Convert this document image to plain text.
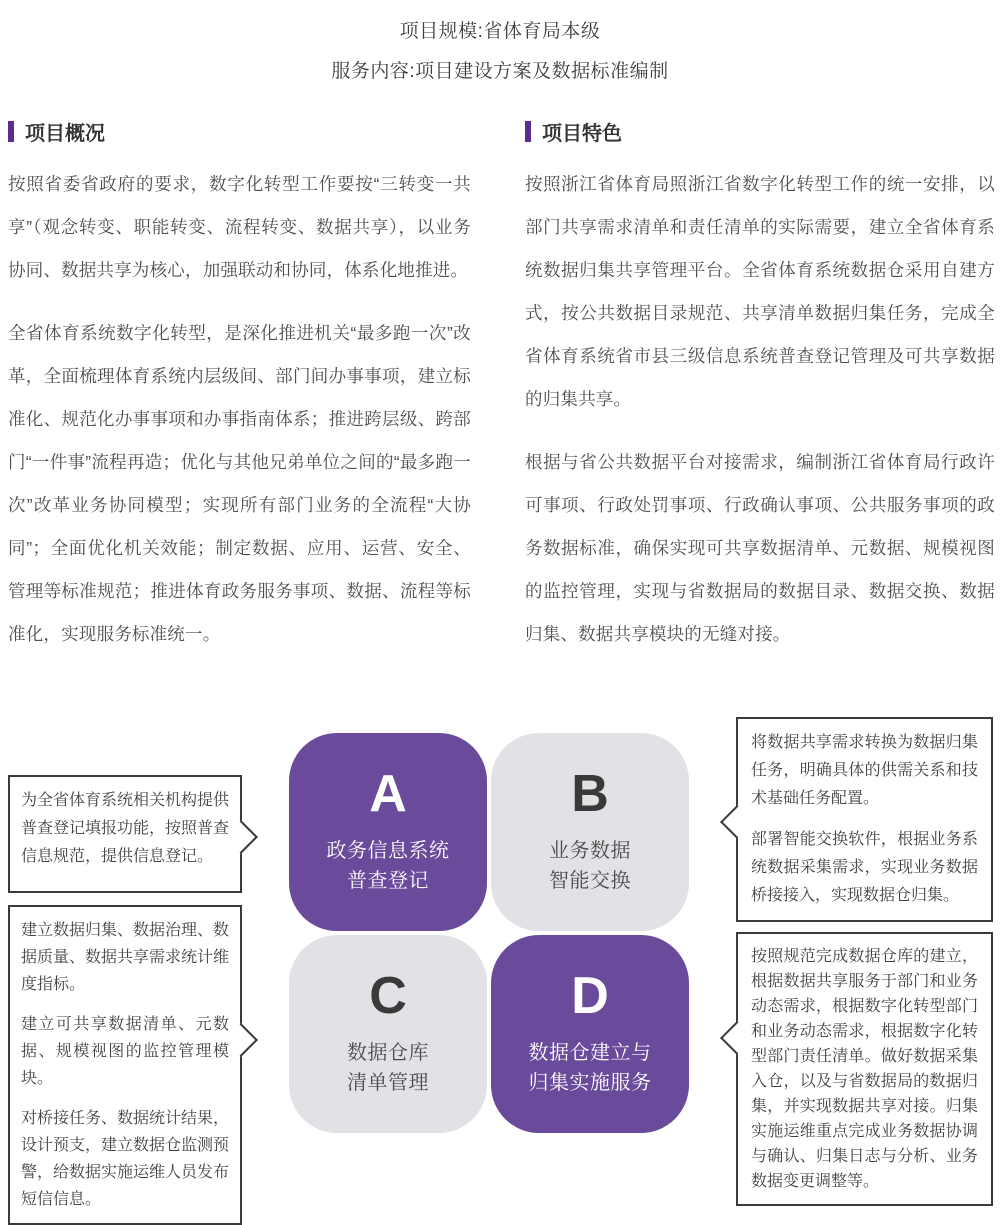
项目规模:省体育局本级
服务内容:项目建设方案及数据标准编制
项目概况

按照省委省政府的要求，数字化转型工作要按“三转变一共享”（观念转变、职能转变、流程转变、数据共享），以业务协同、数据共享为核心，加强联动和协同，体系化地推进。

全省体育系统数字化转型，是深化推进机关“最多跑一次”改革，全面梳理体育系统内层级间、部门间办事事项，建立标准化、规范化办事事项和办事指南体系；推进跨层级、跨部门“一件事”流程再造；优化与其他兄弟单位之间的“最多跑一次”改革业务协同模型；实现所有部门业务的全流程“大协同”；全面优化机关效能；制定数据、应用、运营、安全、管理等标准规范；推进体育政务服务事项、数据、流程等标准化，实现服务标准统一。

项目特色

按照浙江省体育局照浙江省数字化转型工作的统一安排，以部门共享需求清单和责任清单的实际需要，建立全省体育系统数据归集共享管理平台。全省体育系统数据仓采用自建方式，按公共数据目录规范、共享清单数据归集任务，完成全省体育系统省市县三级信息系统普查登记管理及可共享数据的归集共享。

根据与省公共数据平台对接需求，编制浙江省体育局行政许可事项、行政处罚事项、行政确认事项、公共服务事项的政务数据标准，确保实现可共享数据清单、元数据、规模视图的监控管理，实现与省数据局的数据目录、数据交换、数据归集、数据共享模块的无缝对接。

A
政务信息系统
普查登记
B
业务数据
智能交换
C
数据仓库
清单管理
D
数据仓建立与
归集实施服务

为全省体育系统相关机构提供普查登记填报功能，按照普查信息规范，提供信息登记。

建立数据归集、数据治理、数据质量、数据共享需求统计维度指标。

建立可共享数据清单、元数据、规模视图的监控管理模块。

对桥接任务、数据统计结果，设计预支，建立数据仓监测预警，给数据实施运维人员发布短信信息。

将数据共享需求转换为数据归集任务，明确具体的供需关系和技术基础任务配置。

部署智能交换软件，根据业务系统数据采集需求，实现业务数据桥接接入，实现数据仓归集。

按照规范完成数据仓库的建立，根据数据共享服务于部门和业务动态需求，根据数字化转型部门和业务动态需求，根据数字化转型部门责任清单。做好数据采集入仓，以及与省数据局的数据归集，并实现数据共享对接。归集实施运维重点完成业务数据协调与确认、归集日志与分析、业务数据变更调整等。
